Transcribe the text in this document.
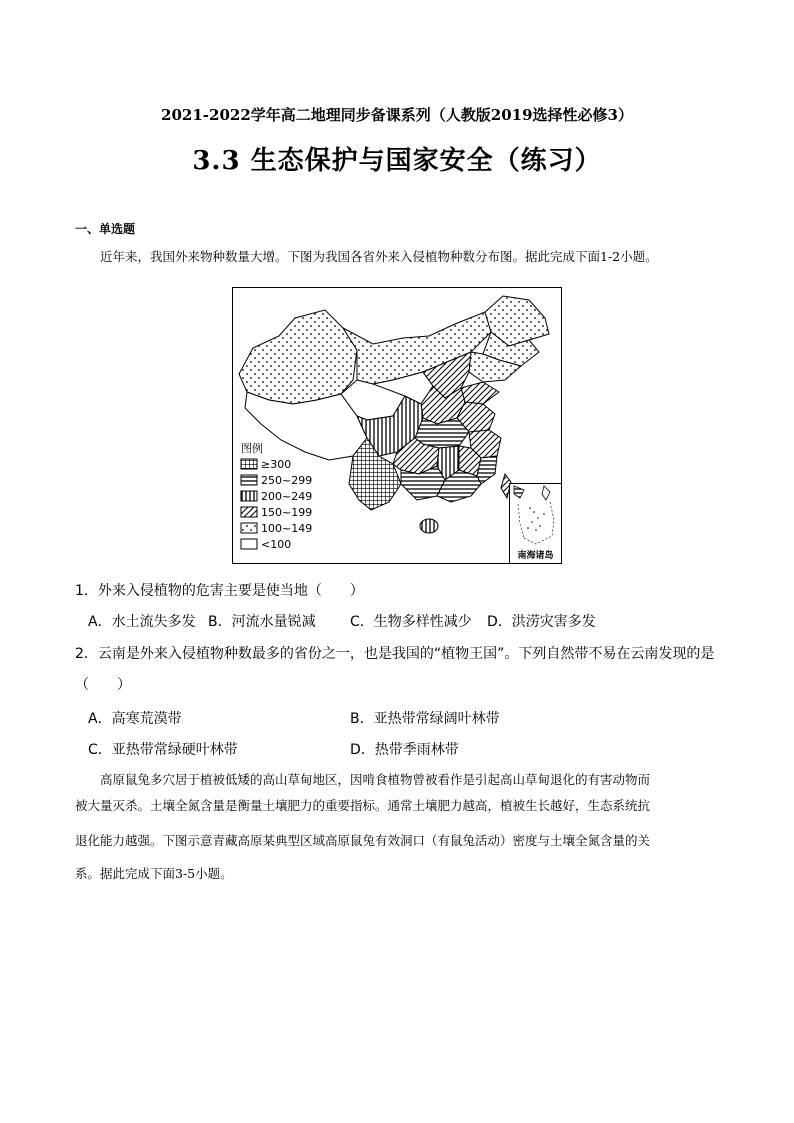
2021-2022学年高二地理同步备课系列（人教版2019选择性必修3）
3.3 生态保护与国家安全（练习）
一、单选题
近年来，我国外来物种数量大增。下图为我国各省外来入侵植物种数分布图。据此完成下面1-2小题。
图例
≥300
250~299
200~249
150~199
100~149
<100
南海诸岛
1．外来入侵植物的危害主要是使当地（　　）
A．水土流失多发 B．河流水量锐减 C．生物多样性减少 D．洪涝灾害多发
2．云南是外来入侵植物种数最多的省份之一，也是我国的“植物王国”。下列自然带不易在云南发现的是
（　　）
A．高寒荒漠带	B．亚热带常绿阔叶林带
C．亚热带常绿硬叶林带	D．热带季雨林带
高原鼠兔多穴居于植被低矮的高山草甸地区，因啃食植物曾被看作是引起高山草甸退化的有害动物而
被大量灭杀。土壤全氮含量是衡量土壤肥力的重要指标。通常土壤肥力越高，植被生长越好，生态系统抗
退化能力越强。下图示意青藏高原某典型区域高原鼠兔有效洞口（有鼠兔活动）密度与土壤全氮含量的关
系。据此完成下面3-5小题。
